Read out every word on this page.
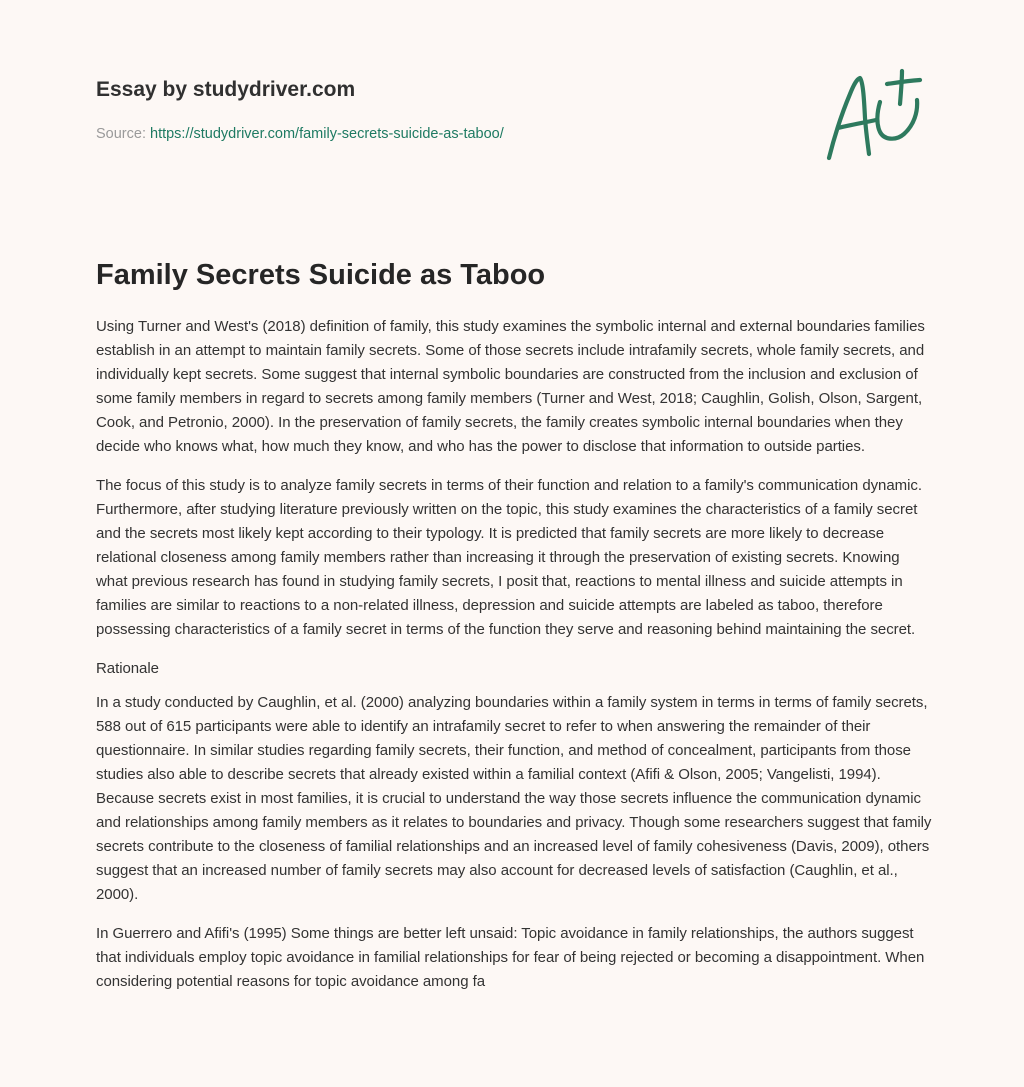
Essay by studydriver.com
Source: https://studydriver.com/family-secrets-suicide-as-taboo/
Family Secrets Suicide as Taboo

Using Turner and West's (2018) definition of family, this study examines the symbolic internal and external boundaries families establish in an attempt to maintain family secrets. Some of those secrets include intrafamily secrets, whole family secrets, and individually kept secrets. Some suggest that internal symbolic boundaries are constructed from the inclusion and exclusion of some family members in regard to secrets among family members (Turner and West, 2018; Caughlin, Golish, Olson, Sargent, Cook, and Petronio, 2000). In the preservation of family secrets, the family creates symbolic internal boundaries when they decide who knows what, how much they know, and who has the power to disclose that information to outside parties.

The focus of this study is to analyze family secrets in terms of their function and relation to a family's communication dynamic. Furthermore, after studying literature previously written on the topic, this study examines the characteristics of a family secret and the secrets most likely kept according to their typology. It is predicted that family secrets are more likely to decrease relational closeness among family members rather than increasing it through the preservation of existing secrets. Knowing what previous research has found in studying family secrets, I posit that, reactions to mental illness and suicide attempts in families are similar to reactions to a non-related illness, depression and suicide attempts are labeled as taboo, therefore possessing characteristics of a family secret in terms of the function they serve and reasoning behind maintaining the secret.

Rationale

In a study conducted by Caughlin, et al. (2000) analyzing boundaries within a family system in terms in terms of family secrets, 588 out of 615 participants were able to identify an intrafamily secret to refer to when answering the remainder of their questionnaire. In similar studies regarding family secrets, their function, and method of concealment, participants from those studies also able to describe secrets that already existed within a familial context (Afifi & Olson, 2005; Vangelisti, 1994). Because secrets exist in most families, it is crucial to understand the way those secrets influence the communication dynamic and relationships among family members as it relates to boundaries and privacy. Though some researchers suggest that family secrets contribute to the closeness of familial relationships and an increased level of family cohesiveness (Davis, 2009), others suggest that an increased number of family secrets may also account for decreased levels of satisfaction (Caughlin, et al., 2000).

In Guerrero and Afifi's (1995) Some things are better left unsaid: Topic avoidance in family relationships, the authors suggest that individuals employ topic avoidance in familial relationships for fear of being rejected or becoming a disappointment. When considering potential reasons for topic avoidance among fa
